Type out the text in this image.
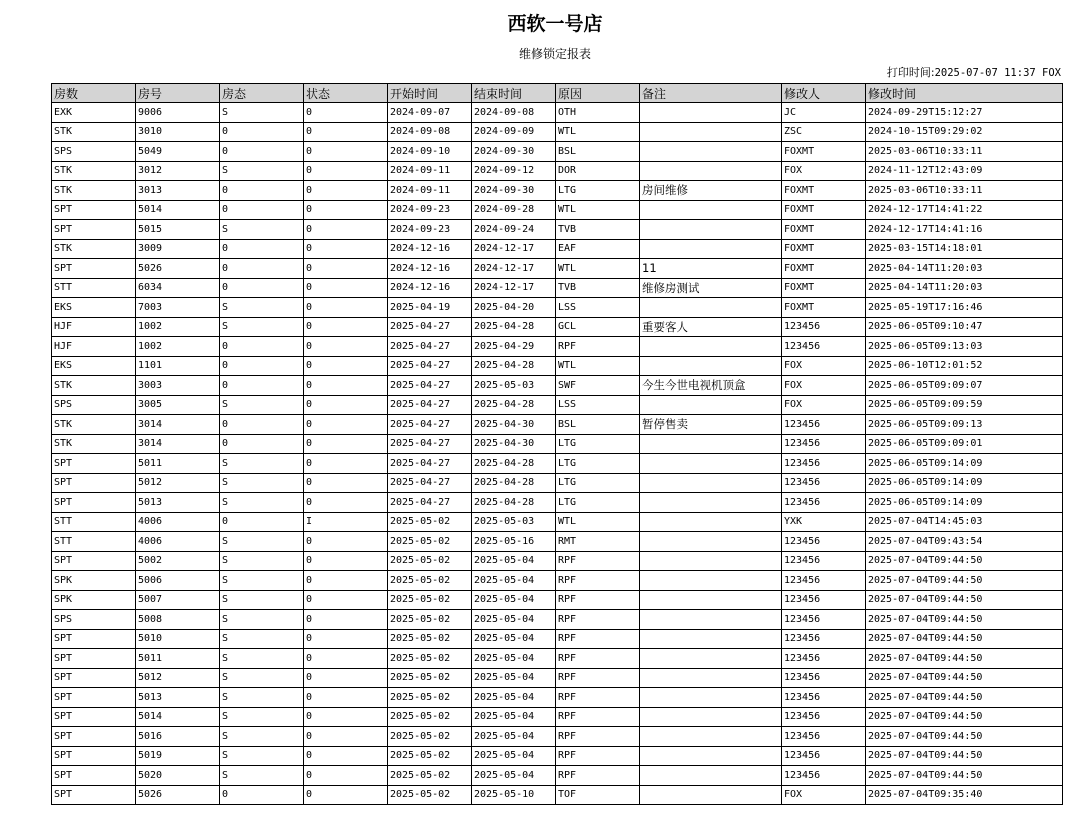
西软一号店
维修锁定报表
打印时间:2025-07-07 11:37 FOX
房数	房号	房态	状态	开始时间	结束时间	原因	备注	修改人	修改时间
EXK	9006	S	0	2024-09-07	2024-09-08	OTH		JC	2024-09-29T15:12:27
STK	3010	0	0	2024-09-08	2024-09-09	WTL		ZSC	2024-10-15T09:29:02
SPS	5049	0	0	2024-09-10	2024-09-30	BSL		FOXMT	2025-03-06T10:33:11
STK	3012	S	0	2024-09-11	2024-09-12	DOR		FOX	2024-11-12T12:43:09
STK	3013	0	0	2024-09-11	2024-09-30	LTG	房间维修	FOXMT	2025-03-06T10:33:11
SPT	5014	0	0	2024-09-23	2024-09-28	WTL		FOXMT	2024-12-17T14:41:22
SPT	5015	S	0	2024-09-23	2024-09-24	TVB		FOXMT	2024-12-17T14:41:16
STK	3009	0	0	2024-12-16	2024-12-17	EAF		FOXMT	2025-03-15T14:18:01
SPT	5026	0	0	2024-12-16	2024-12-17	WTL	11	FOXMT	2025-04-14T11:20:03
STT	6034	0	0	2024-12-16	2024-12-17	TVB	维修房测试	FOXMT	2025-04-14T11:20:03
EKS	7003	S	0	2025-04-19	2025-04-20	LSS		FOXMT	2025-05-19T17:16:46
HJF	1002	S	0	2025-04-27	2025-04-28	GCL	重要客人	123456	2025-06-05T09:10:47
HJF	1002	0	0	2025-04-27	2025-04-29	RPF		123456	2025-06-05T09:13:03
EKS	1101	0	0	2025-04-27	2025-04-28	WTL		FOX	2025-06-10T12:01:52
STK	3003	0	0	2025-04-27	2025-05-03	SWF	今生今世电视机顶盒	FOX	2025-06-05T09:09:07
SPS	3005	S	0	2025-04-27	2025-04-28	LSS		FOX	2025-06-05T09:09:59
STK	3014	0	0	2025-04-27	2025-04-30	BSL	暂停售卖	123456	2025-06-05T09:09:13
STK	3014	0	0	2025-04-27	2025-04-30	LTG		123456	2025-06-05T09:09:01
SPT	5011	S	0	2025-04-27	2025-04-28	LTG		123456	2025-06-05T09:14:09
SPT	5012	S	0	2025-04-27	2025-04-28	LTG		123456	2025-06-05T09:14:09
SPT	5013	S	0	2025-04-27	2025-04-28	LTG		123456	2025-06-05T09:14:09
STT	4006	0	I	2025-05-02	2025-05-03	WTL		YXK	2025-07-04T14:45:03
STT	4006	S	0	2025-05-02	2025-05-16	RMT		123456	2025-07-04T09:43:54
SPT	5002	S	0	2025-05-02	2025-05-04	RPF		123456	2025-07-04T09:44:50
SPK	5006	S	0	2025-05-02	2025-05-04	RPF		123456	2025-07-04T09:44:50
SPK	5007	S	0	2025-05-02	2025-05-04	RPF		123456	2025-07-04T09:44:50
SPS	5008	S	0	2025-05-02	2025-05-04	RPF		123456	2025-07-04T09:44:50
SPT	5010	S	0	2025-05-02	2025-05-04	RPF		123456	2025-07-04T09:44:50
SPT	5011	S	0	2025-05-02	2025-05-04	RPF		123456	2025-07-04T09:44:50
SPT	5012	S	0	2025-05-02	2025-05-04	RPF		123456	2025-07-04T09:44:50
SPT	5013	S	0	2025-05-02	2025-05-04	RPF		123456	2025-07-04T09:44:50
SPT	5014	S	0	2025-05-02	2025-05-04	RPF		123456	2025-07-04T09:44:50
SPT	5016	S	0	2025-05-02	2025-05-04	RPF		123456	2025-07-04T09:44:50
SPT	5019	S	0	2025-05-02	2025-05-04	RPF		123456	2025-07-04T09:44:50
SPT	5020	S	0	2025-05-02	2025-05-04	RPF		123456	2025-07-04T09:44:50
SPT	5026	0	0	2025-05-02	2025-05-10	TOF		FOX	2025-07-04T09:35:40
